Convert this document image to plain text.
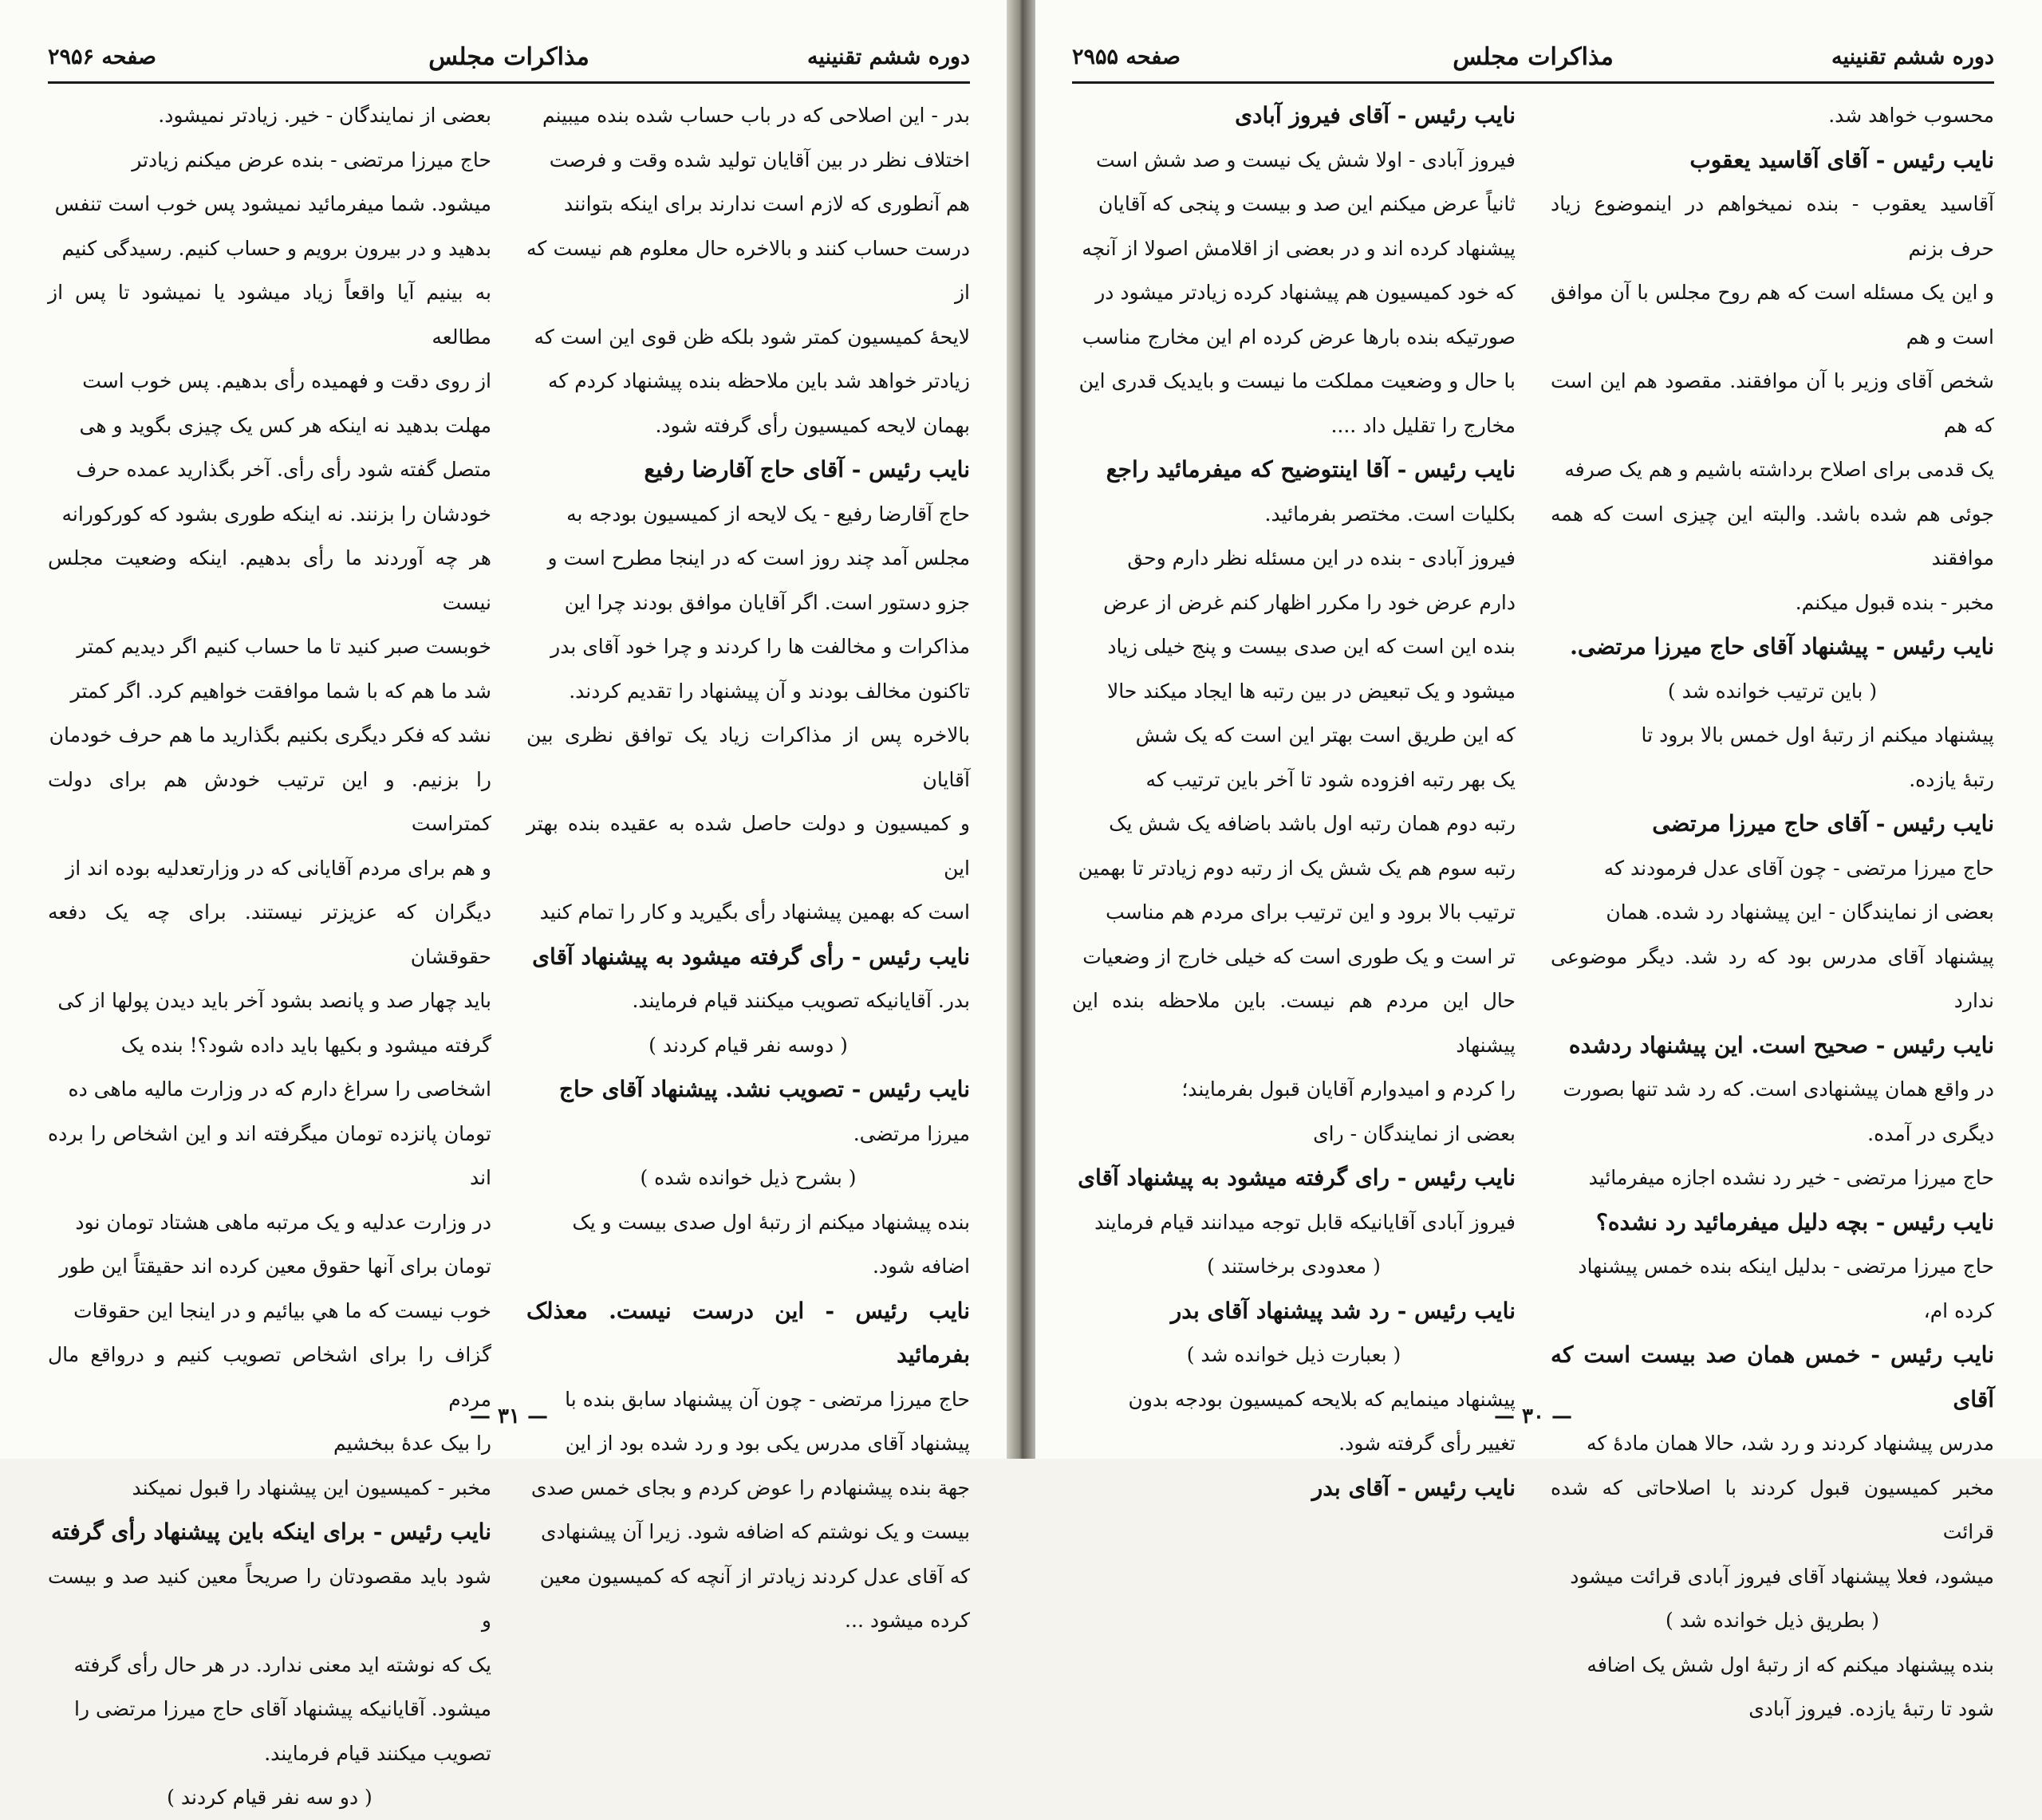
دوره ششم تقنینیه
مذاکرات مجلس
صفحه ۲۹۵۶

بدر - این اصلاحی که در باب حساب شده بنده میبینم

اختلاف نظر در بین آقایان تولید شده وقت و فرصت

هم آنطوری که لازم است ندارند برای اینکه بتوانند

درست حساب کنند و بالاخره حال معلوم هم نیست که از

لایحهٔ کمیسیون کمتر شود بلکه ظن قوی این است که

زیادتر خواهد شد باین ملاحظه بنده پیشنهاد کردم که

بهمان لایحه کمیسیون رأی گرفته شود.

نایب رئیس - آقای حاج آقارضا رفیع

حاج آقارضا رفیع - یک لایحه از کمیسیون بودجه به

مجلس آمد چند روز است که در اینجا مطرح است و

جزو دستور است. اگر آقایان موافق بودند چرا این

مذاکرات و مخالفت ها را کردند و چرا خود آقای بدر

تاکنون مخالف بودند و آن پیشنهاد را تقدیم کردند.

بالاخره پس از مذاکرات زیاد یک توافق نظری بین آقایان

و کمیسیون و دولت حاصل شده به عقیده بنده بهتر این

است که بهمین پیشنهاد رأی بگیرید و کار را تمام کنید

نایب رئیس - رأی گرفته میشود به پیشنهاد آقای

بدر. آقایانیکه تصویب میکنند قیام فرمایند.

( دوسه نفر قیام کردند )

نایب رئیس - تصویب نشد. پیشنهاد آقای حاج

میرزا مرتضی.

( بشرح ذیل خوانده شده )

بنده پیشنهاد میکنم از رتبهٔ اول صدی بیست و یک

اضافه شود.

نایب رئیس - این درست نیست. معذلک بفرمائید

حاج میرزا مرتضی - چون آن پیشنهاد سابق بنده با

پیشنهاد آقای مدرس یکی بود و رد شده بود از این

جهة بنده پیشنهادم را عوض کردم و بجای خمس صدی

بیست و یک نوشتم که اضافه شود. زیرا آن پیشنهادی

که آقای عدل کردند زیادتر از آنچه که کمیسیون معین

کرده میشود ...

بعضی از نمایندگان - خیر. زیادتر نمیشود.

حاج میرزا مرتضی - بنده عرض میکنم زیادتر

میشود. شما میفرمائید نمیشود پس خوب است تنفس

بدهید و در بیرون برویم و حساب کنیم. رسیدگی کنیم

به بینیم آیا واقعاً زیاد میشود یا نمیشود تا پس از مطالعه

از روی دقت و فهمیده رأی بدهیم. پس خوب است

مهلت بدهید نه اینکه هر کس یک چیزی بگوید و هی

متصل گفته شود رأی رأی. آخر بگذارید عمده حرف

خودشان را بزنند. نه اینکه طوری بشود که کورکورانه

هر چه آوردند ما رأی بدهیم. اینکه وضعیت مجلس نیست

خوبست صبر کنید تا ما حساب کنیم اگر دیدیم کمتر

شد ما هم که با شما موافقت خواهیم کرد. اگر کمتر

نشد که فکر دیگری بکنیم بگذارید ما هم حرف خودمان

را بزنیم. و این ترتیب خودش هم برای دولت کمتراست

و هم برای مردم آقایانی که در وزارتعدلیه بوده اند از

دیگران که عزیزتر نیستند. برای چه یک دفعه حقوقشان

باید چهار صد و پانصد بشود آخر باید دیدن پولها از کی

گرفته میشود و بکیها باید داده شود؟! بنده یک

اشخاصی را سراغ دارم که در وزارت مالیه ماهی ده

تومان پانزده تومان میگرفته اند و این اشخاص را برده اند

در وزارت عدلیه و یک مرتبه ماهی هشتاد تومان نود

تومان برای آنها حقوق معین کرده اند حقیقتاً این طور

خوب نیست که ما هي بیائیم و در اینجا این حقوقات

گزاف را برای اشخاص تصویب کنیم و درواقع مال مردم

را بیک عدهٔ ببخشیم

مخبر - کمیسیون این پیشنهاد را قبول نمیکند

نایب رئیس - برای اینکه باین پیشنهاد رأی گرفته

شود باید مقصودتان را صریحاً معین کنید صد و بیست و

یک که نوشته اید معنی ندارد. در هر حال رأی گرفته

میشود. آقایانیکه پیشنهاد آقای حاج میرزا مرتضی را

تصویب میکنند قیام فرمایند.

( دو سه نفر قیام کردند )

— ۳۱ —
دوره ششم تقنینیه
مذاکرات مجلس
صفحه ۲۹۵۵

محسوب خواهد شد.

نایب رئیس - آقای آقاسید یعقوب

آقاسید یعقوب - بنده نمیخواهم در اینموضوع زیاد حرف بزنم

و این یک مسئله است که هم روح مجلس با آن موافق است و هم

شخص آقای وزیر با آن موافقند. مقصود هم این است که هم

یک قدمی برای اصلاح برداشته باشیم و هم یک صرفه

جوئی هم شده باشد. والبته این چیزی است که همه موافقند

مخبر - بنده قبول میکنم.

نایب رئیس - پیشنهاد آقای حاج میرزا مرتضی.

( باین ترتیب خوانده شد )

پیشنهاد میکنم از رتبهٔ اول خمس بالا برود تا

رتبهٔ یازده.

نایب رئیس - آقای حاج میرزا مرتضی

حاج میرزا مرتضی - چون آقای عدل فرمودند که

بعضی از نمایندگان - این پیشنهاد رد شده. همان

پیشنهاد آقای مدرس بود که رد شد. دیگر موضوعی ندارد

نایب رئیس - صحیح است. این پیشنهاد ردشده

در واقع همان پیشنهادی است. که رد شد تنها بصورت

دیگری در آمده.

حاج میرزا مرتضی - خیر رد نشده اجازه میفرمائید

نایب رئیس - بچه دلیل میفرمائید رد نشده؟

حاج میرزا مرتضی - بدلیل اینکه بنده خمس پیشنهاد

کرده ام،

نایب رئیس - خمس همان صد بیست است که آقای

مدرس پیشنهاد کردند و رد شد، حالا همان مادهٔ که

مخبر کمیسیون قبول کردند با اصلاحاتی که شده قرائت

میشود، فعلا پیشنهاد آقای فیروز آبادی قرائت میشود

( بطریق ذیل خوانده شد )

بنده پیشنهاد میکنم که از رتبهٔ اول شش یک اضافه

شود تا رتبهٔ یازده. فیروز آبادی

نایب رئیس - آقای فیروز آبادی

فیروز آبادی - اولا شش یک نیست و صد شش است

ثانیاً عرض میکنم این صد و بیست و پنجی که آقایان

پیشنهاد کرده اند و در بعضی از اقلامش اصولا از آنچه

که خود کمیسیون هم پیشنهاد کرده زیادتر میشود در

صورتیکه بنده بارها عرض کرده ام این مخارج مناسب

با حال و وضعیت مملکت ما نیست و بایدیک قدری این

مخارج را تقلیل داد ....

نایب رئیس - آقا اینتوضیح که میفرمائید راجع

بکلیات است. مختصر بفرمائید.

فیروز آبادی - بنده در این مسئله نظر دارم وحق

دارم عرض خود را مکرر اظهار کنم غرض از عرض

بنده این است که این صدی بیست و پنج خیلی زیاد

میشود و یک تبعیض در بین رتبه ها ایجاد میکند حالا

که این طریق است بهتر این است که یک شش

یک بهر رتبه افزوده شود تا آخر باین ترتیب که

رتبه دوم همان رتبه اول باشد باضافه یک شش یک

رتبه سوم هم یک شش یک از رتبه دوم زیادتر تا بهمین

ترتیب بالا برود و این ترتیب برای مردم هم مناسب

تر است و یک طوری است که خیلی خارج از وضعیات

حال این مردم هم نیست. باین ملاحظه بنده این پیشنهاد

را کردم و امیدوارم آقایان قبول بفرمایند؛

بعضی از نمایندگان - رای

نایب رئیس - رای گرفته میشود به پیشنهاد آقای

فیروز آبادی آقایانیکه قابل توجه میدانند قیام فرمایند

( معدودی برخاستند )

نایب رئیس - رد شد پیشنهاد آقای بدر

( بعبارت ذیل خوانده شد )

پیشنهاد مینمایم که بلایحه کمیسیون بودجه بدون

تغییر رأی گرفته شود.

نایب رئیس - آقای بدر

— ۳۰ —
